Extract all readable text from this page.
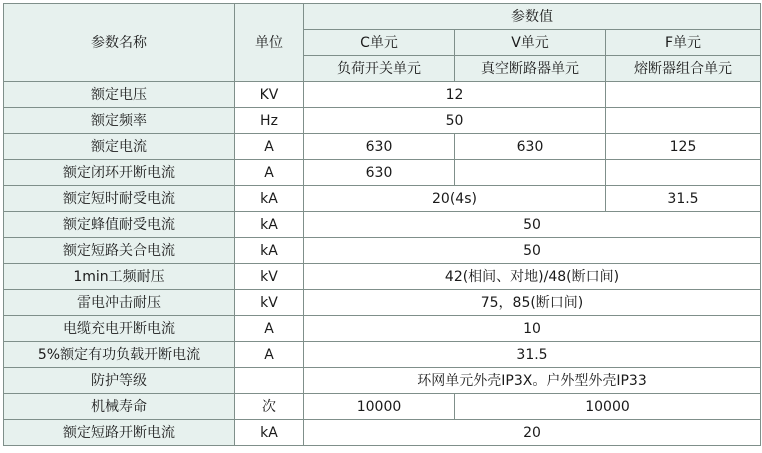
参数名称	单位	参数值		
		C单元	V单元	F单元
		负荷开关单元	真空断路器单元	熔断器组合单元
额定电压	KV	12		
额定频率	Hz	50		
额定电流	A	630	630	125
额定闭环开断电流	A	630		
额定短时耐受电流	kA	20(4s)		31.5
额定蜂值耐受电流	kA	50		
额定短路关合电流	kA	50		
1min工频耐压	kV	42(相间、对地)/48(断口间)		
雷电冲击耐压	kV	75，85(断口间)		
电缆充电开断电流	A	10		
5%额定有功负载开断电流	A	31.5		
防护等级		环网单元外壳IP3X。户外型外壳IP33		
机械寿命	次	10000	10000	
额定短路开断电流	kA	20		
